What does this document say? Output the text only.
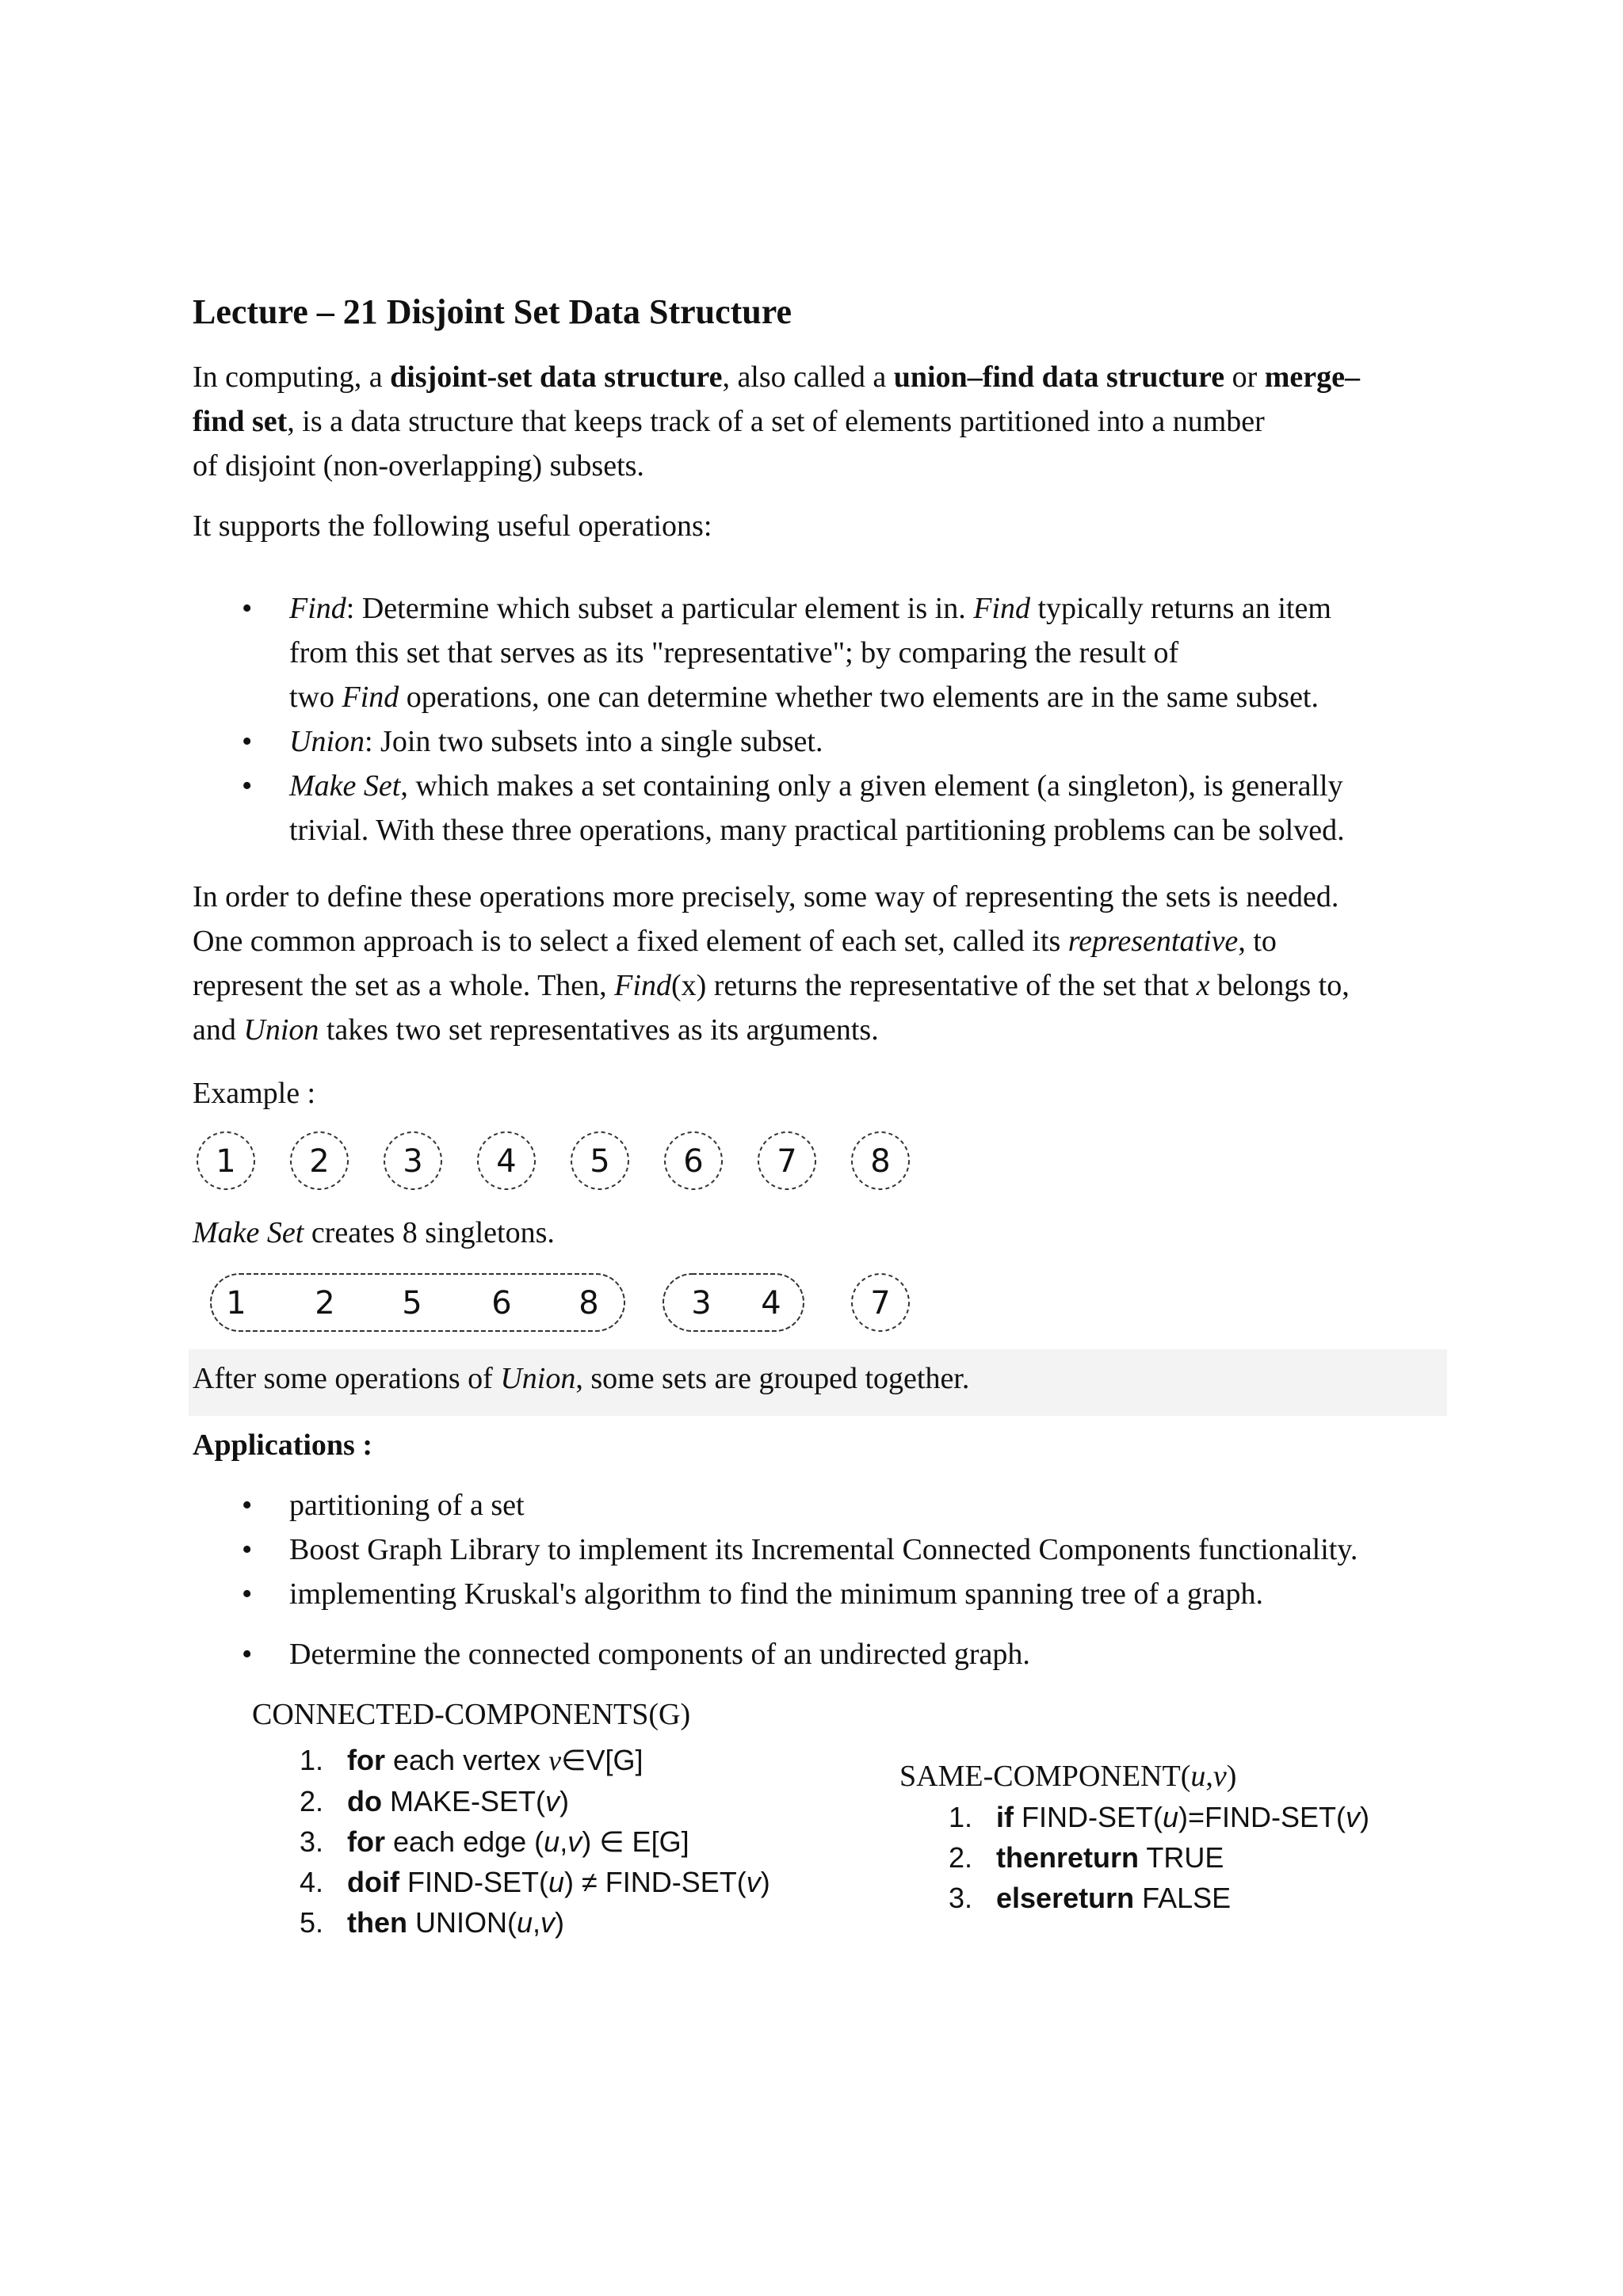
Lecture – 21 Disjoint Set Data Structure
In computing, a disjoint-set data structure, also called a union–find data structure or merge–
find set, is a data structure that keeps track of a set of elements partitioned into a number
of disjoint (non-overlapping) subsets.
It supports the following useful operations:
• Find: Determine which subset a particular element is in. Find typically returns an item
from this set that serves as its "representative"; by comparing the result of
two Find operations, one can determine whether two elements are in the same subset.
• Union: Join two subsets into a single subset.
• Make Set, which makes a set containing only a given element (a singleton), is generally
trivial. With these three operations, many practical partitioning problems can be solved.
In order to define these operations more precisely, some way of representing the sets is needed.
One common approach is to select a fixed element of each set, called its representative, to
represent the set as a whole. Then, Find(x) returns the representative of the set that x belongs to,
and Union takes two set representatives as its arguments.
Example :
1 2 3 4 5 6 7 8
Make Set creates 8 singletons.
1 2 5 6 8	3 4	7
After some operations of Union, some sets are grouped together.
Applications :
• partitioning of a set
• Boost Graph Library to implement its Incremental Connected Components functionality.
• implementing Kruskal's algorithm to find the minimum spanning tree of a graph.
• Determine the connected components of an undirected graph.
CONNECTED-COMPONENTS(G)
1. for each vertex v∈V[G]
2. do MAKE-SET(v)
3. for each edge (u,v) ∈ E[G]
4. doif FIND-SET(u) ≠ FIND-SET(v)
5. then UNION(u,v)
SAME-COMPONENT(u,v)
1. if FIND-SET(u)=FIND-SET(v)
2. thenreturn TRUE
3. elsereturn FALSE
